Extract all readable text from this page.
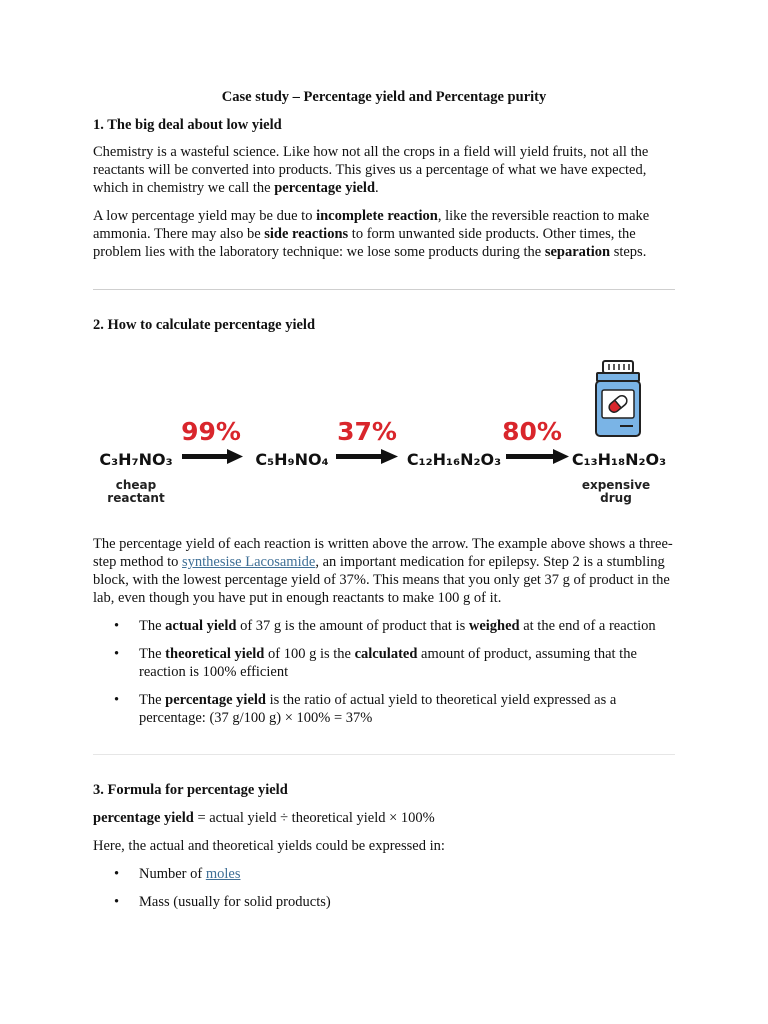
Case study – Percentage yield and Percentage purity
1. The big deal about low yield
Chemistry is a wasteful science. Like how not all the crops in a field will yield fruits, not all the reactants will be converted into products. This gives us a percentage of what we have expected, which in chemistry we call the percentage yield.
A low percentage yield may be due to incomplete reaction, like the reversible reaction to make ammonia. There may also be side reactions to form unwanted side products. Other times, the problem lies with the laboratory technique: we lose some products during the separation steps.
2. How to calculate percentage yield
The percentage yield of each reaction is written above the arrow. The example above shows a three-step method to synthesise Lacosamide, an important medication for epilepsy. Step 2 is a stumbling block, with the lowest percentage yield of 37%. This means that you only get 37 g of product in the lab, even though you have put in enough reactants to make 100 g of it.
• The actual yield of 37 g is the amount of product that is weighed at the end of a reaction
• The theoretical yield of 100 g is the calculated amount of product, assuming that the reaction is 100% efficient
• The percentage yield is the ratio of actual yield to theoretical yield expressed as a percentage: (37 g/100 g) × 100% = 37%
3. Formula for percentage yield
percentage yield = actual yield ÷ theoretical yield × 100%
Here, the actual and theoretical yields could be expressed in:
• Number of moles
• Mass (usually for solid products)
99%	37%	80%
C₃H₇NO₃	C₅H₉NO₄	C₁₂H₁₆N₂O₃	C₁₃H₁₈N₂O₃
cheap
reactant
expensive
drug
